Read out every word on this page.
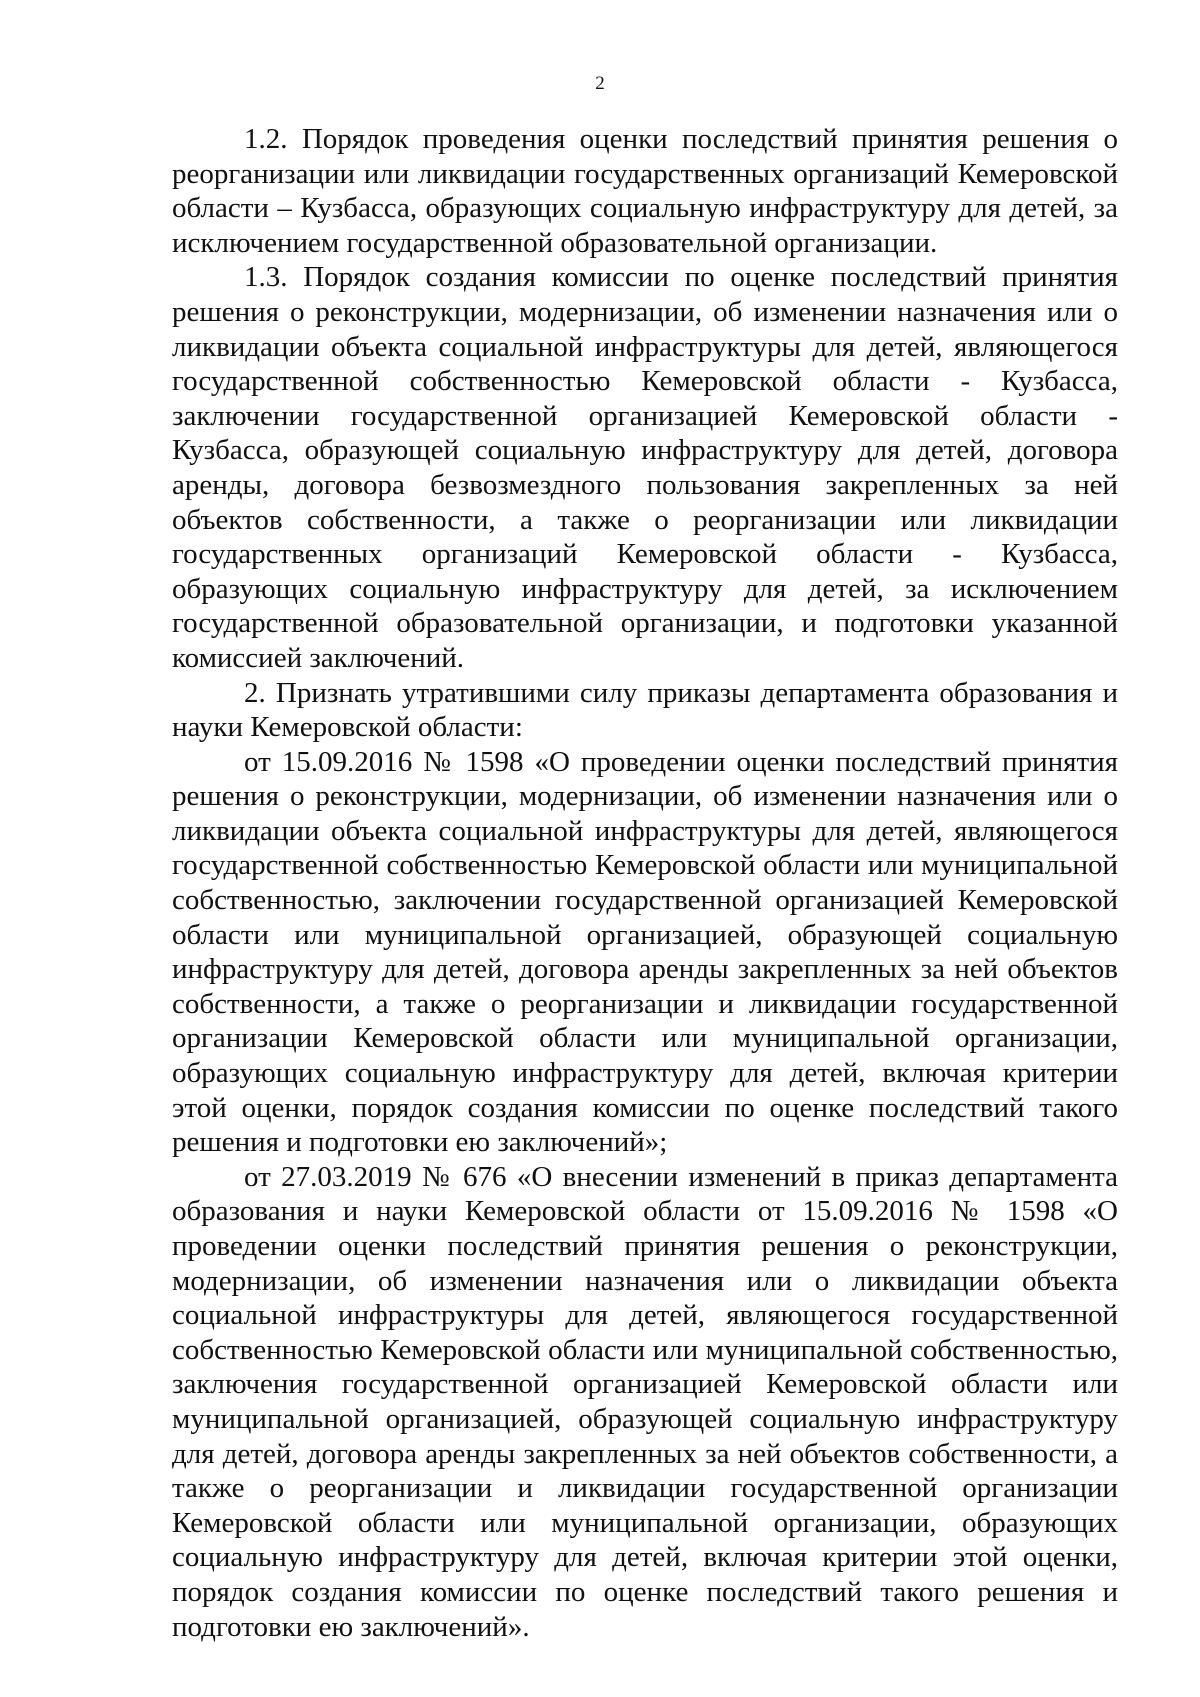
2

1.2. Порядок проведения оценки последствий принятия решения о реорганизации или ликвидации государственных организаций Кемеровской области – Кузбасса, образующих социальную инфраструктуру для детей, за исключением государственной образовательной организации.

1.3. Порядок создания комиссии по оценке последствий принятия решения о реконструкции, модернизации, об изменении назначения или о ликвидации объекта социальной инфраструктуры для детей, являющегося государственной собственностью Кемеровской области - Кузбасса, заключении государственной организацией Кемеровской области - Кузбасса, образующей социальную инфраструктуру для детей, договора аренды, договора безвозмездного пользования закрепленных за ней объектов собственности, а также о реорганизации или ликвидации государственных организаций Кемеровской области - Кузбасса, образующих социальную инфраструктуру для детей, за исключением государственной образовательной организации, и подготовки указанной комиссией заключений.

2. Признать утратившими силу приказы департамента образования и науки Кемеровской области:

от 15.09.2016 № 1598 «О проведении оценки последствий принятия решения о реконструкции, модернизации, об изменении назначения или о ликвидации объекта социальной инфраструктуры для детей, являющегося государственной собственностью Кемеровской области или муниципальной собственностью, заключении государственной организацией Кемеровской области или муниципальной организацией, образующей социальную инфраструктуру для детей, договора аренды закрепленных за ней объектов собственности, а также о реорганизации и ликвидации государственной организации Кемеровской области или муниципальной организации, образующих социальную инфраструктуру для детей, включая критерии этой оценки, порядок создания комиссии по оценке последствий такого решения и подготовки ею заключений»;

от 27.03.2019 № 676 «О внесении изменений в приказ департамента образования и науки Кемеровской области от 15.09.2016 № 1598 «О проведении оценки последствий принятия решения о реконструкции, модернизации, об изменении назначения или о ликвидации объекта социальной инфраструктуры для детей, являющегося государственной собственностью Кемеровской области или муниципальной собственностью, заключения государственной организацией Кемеровской области или муниципальной организацией, образующей социальную инфраструктуру для детей, договора аренды закрепленных за ней объектов собственности, а также о реорганизации и ликвидации государственной организации Кемеровской области или муниципальной организации, образующих социальную инфраструктуру для детей, включая критерии этой оценки, порядок создания комиссии по оценке последствий такого решения и подготовки ею заключений».
